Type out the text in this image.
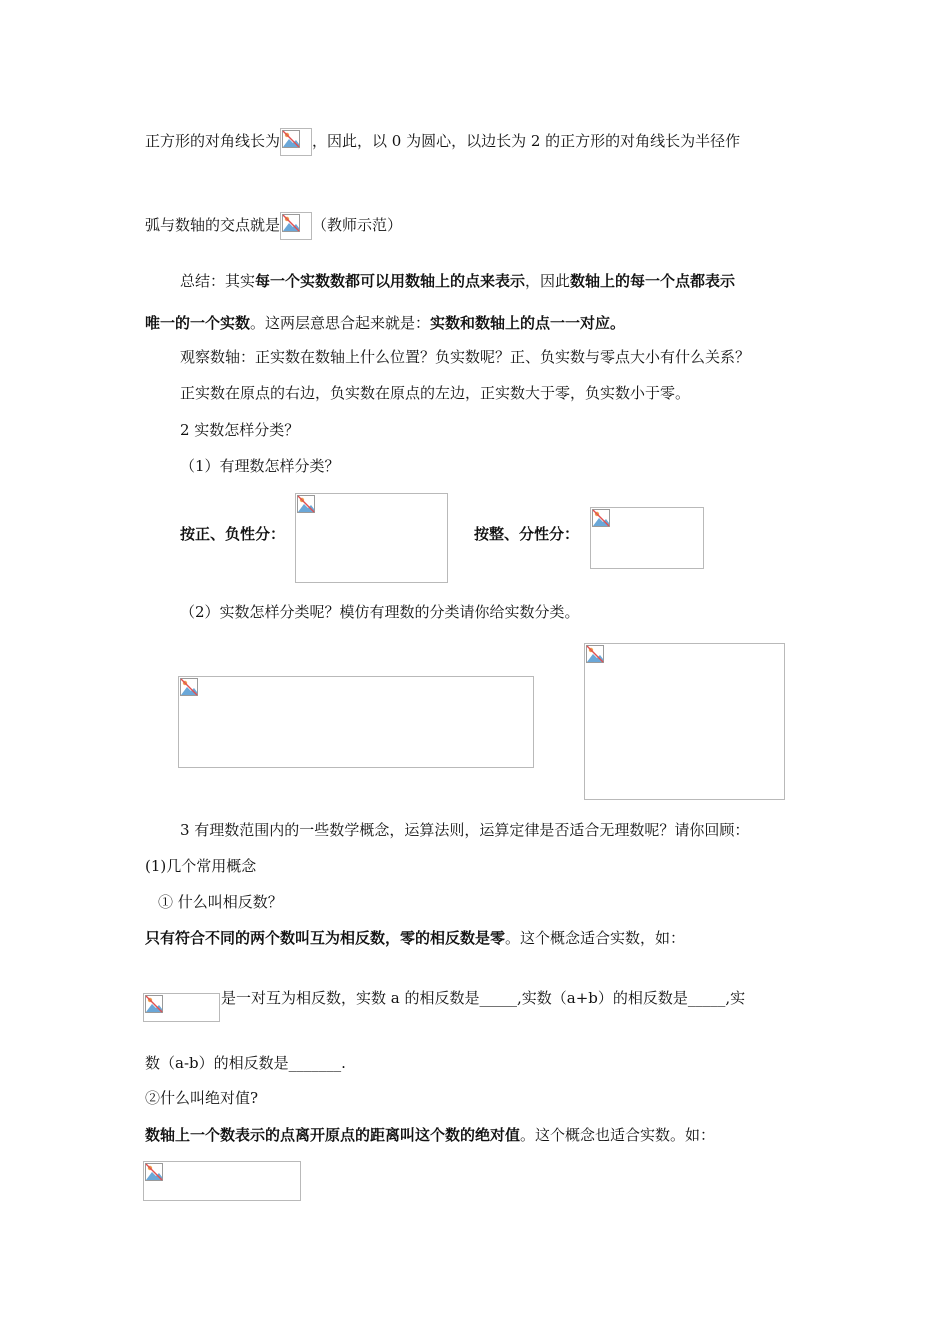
正方形的对角线长为 ，因此，以 0 为圆心，以边长为 2 的正方形的对角线长为半径作
弧与数轴的交点就是 （教师示范）
总结：其实每一个实数数都可以用数轴上的点来表示，因此数轴上的每一个点都表示
唯一的一个实数。这两层意思合起来就是：实数和数轴上的点一一对应。
观察数轴：正实数在数轴上什么位置？负实数呢？正、负实数与零点大小有什么关系？
正实数在原点的右边，负实数在原点的左边，正实数大于零，负实数小于零。
2 实数怎样分类？
（1）有理数怎样分类？
按正、负性分：	按整、分性分：
（2）实数怎样分类呢？模仿有理数的分类请你给实数分类。
3 有理数范围内的一些数学概念，运算法则，运算定律是否适合无理数呢？请你回顾：
(1)几个常用概念
① 什么叫相反数？
只有符合不同的两个数叫互为相反数，零的相反数是零。这个概念适合实数，如：
是一对互为相反数，实数 a 的相反数是_____,实数（a+b）的相反数是_____,实
数（a-b）的相反数是_______.
②什么叫绝对值?
数轴上一个数表示的点离开原点的距离叫这个数的绝对值。这个概念也适合实数。如：
